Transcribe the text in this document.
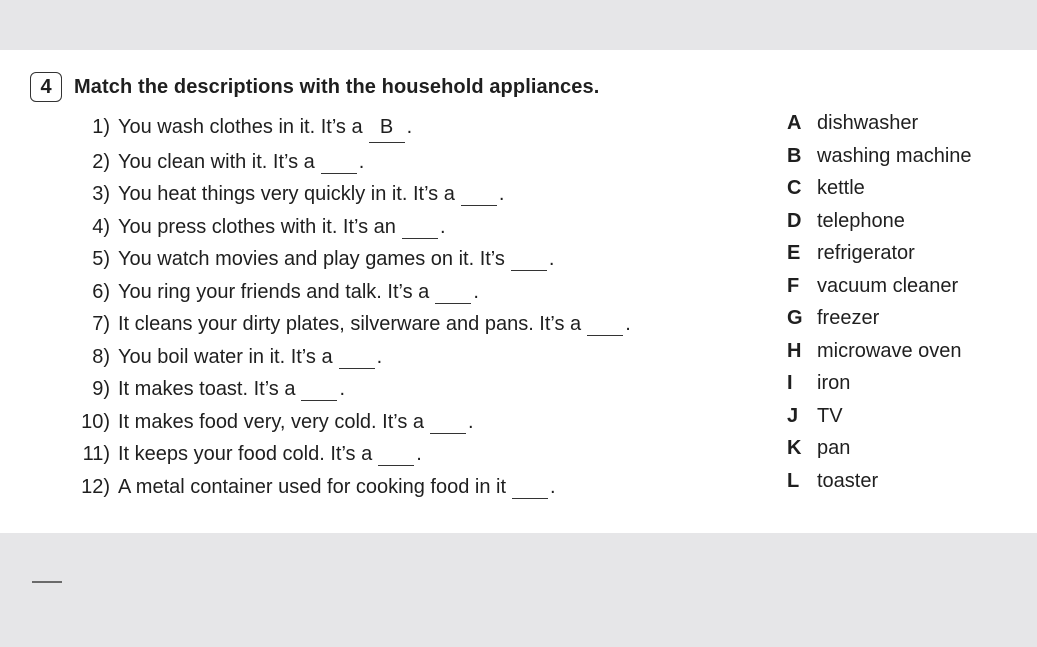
4	Match the descriptions with the household appliances.
1) You wash clothes in it. It’s a B .
2) You clean with it. It’s a .
3) You heat things very quickly in it. It’s a .
4) You press clothes with it. It’s an .
5) You watch movies and play games on it. It’s .
6) You ring your friends and talk. It’s a .
7) It cleans your dirty plates, silverware and pans. It’s a .
8) You boil water in it. It’s a .
9) It makes toast. It’s a .
10) It makes food very, very cold. It’s a .
11) It keeps your food cold. It’s a .
12) A metal container used for cooking food in it .
A dishwasher
B washing machine
C kettle
D telephone
E refrigerator
F vacuum cleaner
G freezer
H microwave oven
I	iron
J TV
K pan
L toaster
